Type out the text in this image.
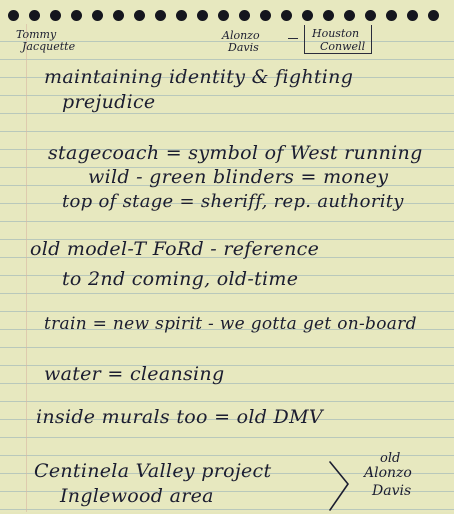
Tommy
Jacquette
Alonzo
Davis
Houston
Conwell
maintaining identity & fighting
prejudice
stagecoach = symbol of West running
wild - green blinders = money
top of stage = sheriff, rep. authority
old model-T FoRd - reference
to 2nd coming, old-time
train = new spirit - we gotta get on-board
water = cleansing
inside murals too = old DMV
Centinela Valley project
Inglewood area
old
Alonzo
Davis
